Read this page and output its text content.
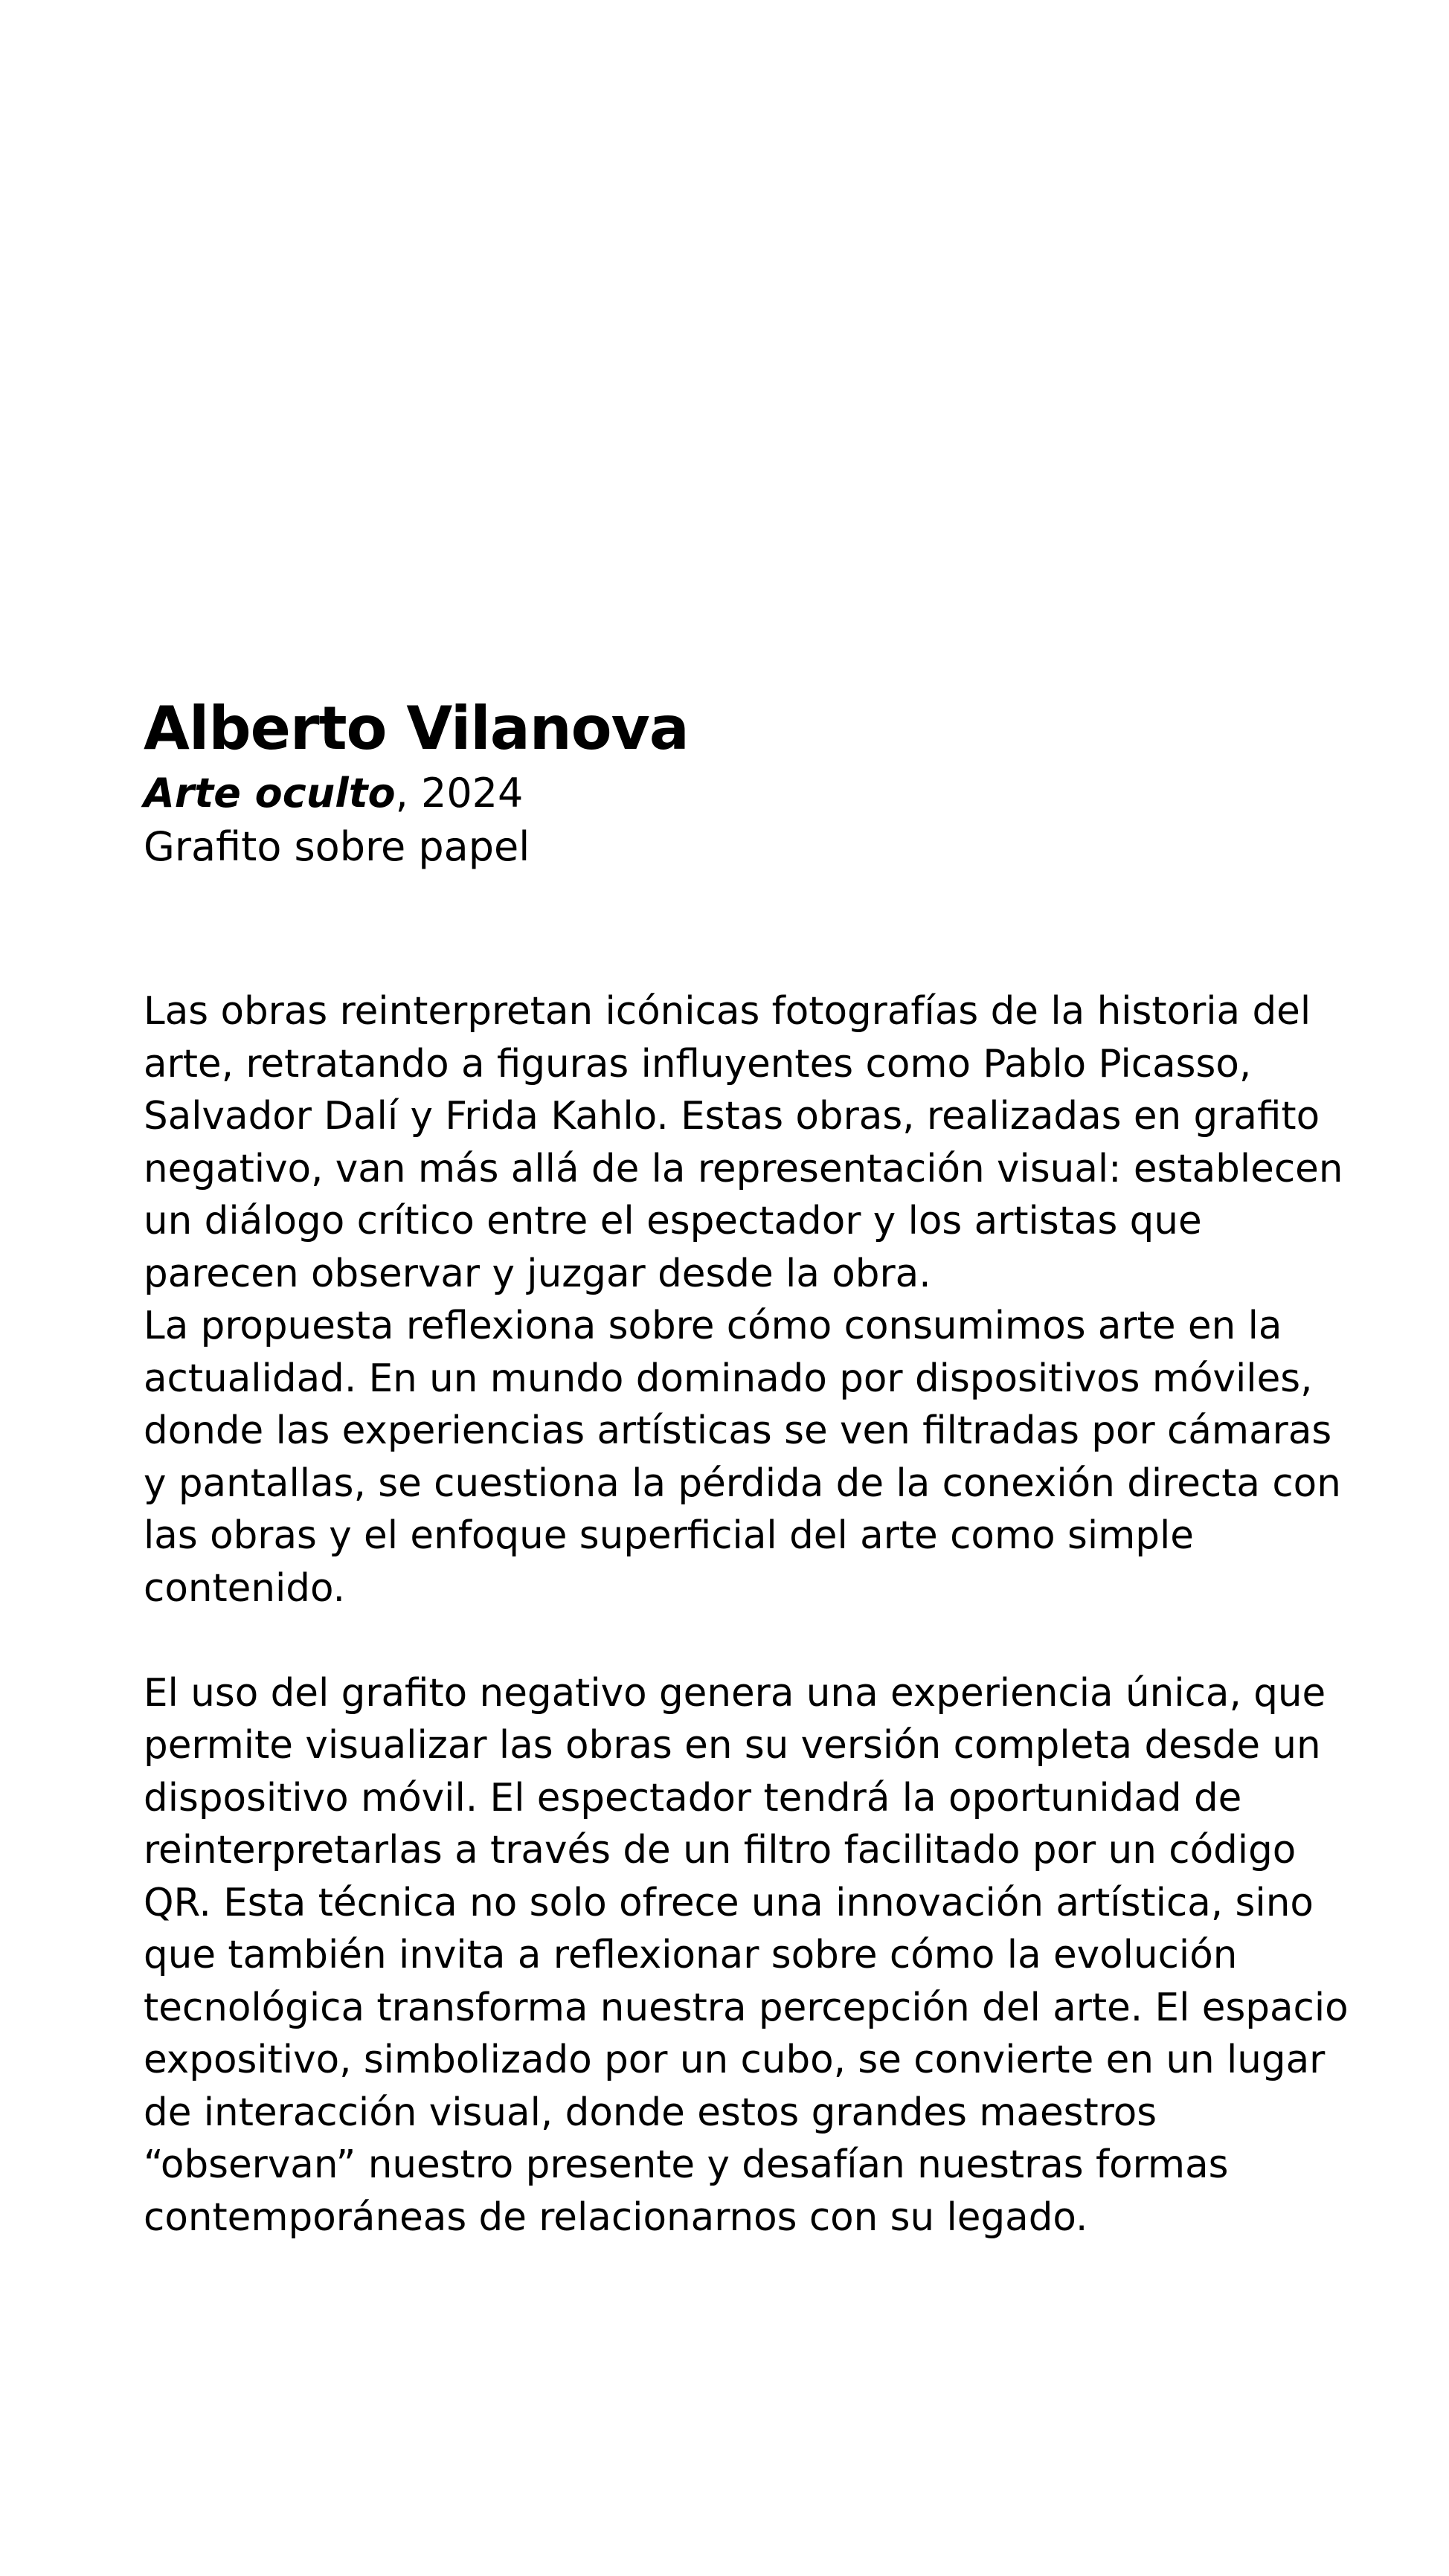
Alberto Vilanova

Arte oculto, 2024

Grafito sobre papel

Las obras reinterpretan icónicas fotografías de la historia del arte, retratando a figuras influyentes como Pablo Picasso, Salvador Dalí y Frida Kahlo. Estas obras, realizadas en grafito negativo, van más allá de la representación visual: establecen un diálogo crítico entre el espectador y los artistas que parecen observar y juzgar desde la obra.

La propuesta reflexiona sobre cómo consumimos arte en la actualidad. En un mundo dominado por dispositivos móviles, donde las experiencias artísticas se ven filtradas por cámaras y pantallas, se cuestiona la pérdida de la conexión directa con las obras y el enfoque superficial del arte como simple contenido.

El uso del grafito negativo genera una experiencia única, que permite visualizar las obras en su versión completa desde un dispositivo móvil. El espectador tendrá la oportunidad de reinterpretarlas a través de un filtro facilitado por un código QR. Esta técnica no solo ofrece una innovación artística, sino que también invita a reflexionar sobre cómo la evolución tecnológica transforma nuestra percepción del arte. El espacio expositivo, simbolizado por un cubo, se convierte en un lugar de interacción visual, donde estos grandes maestros “observan” nuestro presente y desafían nuestras formas contemporáneas de relacionarnos con su legado.
